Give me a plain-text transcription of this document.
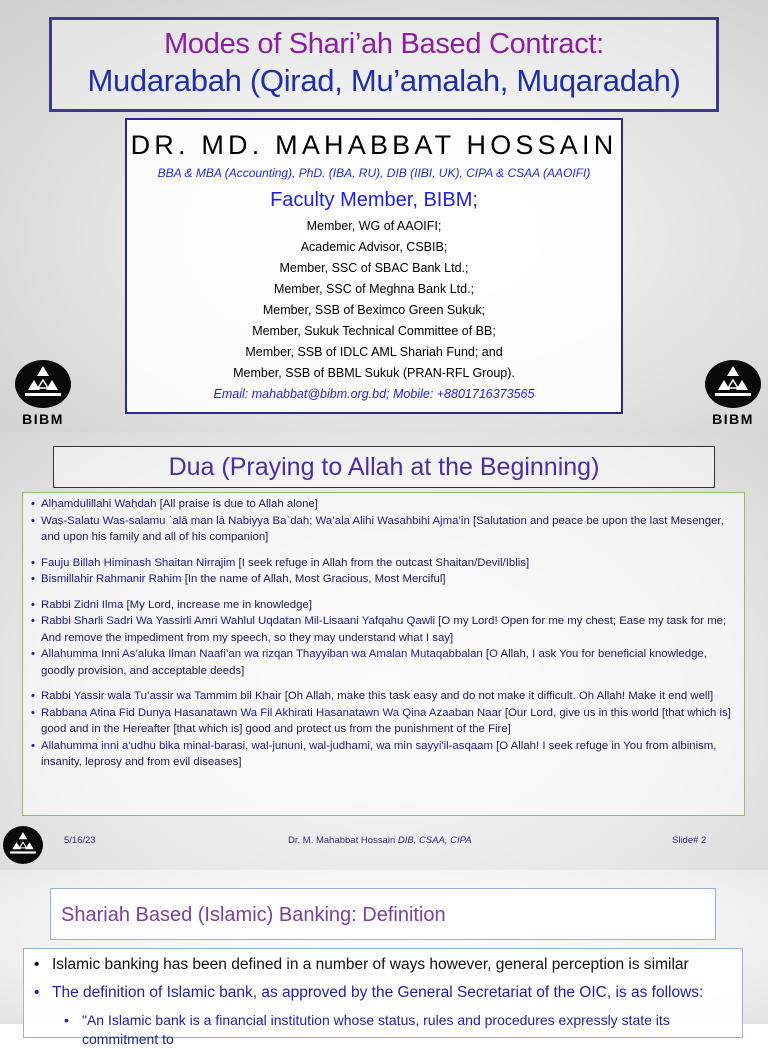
Modes of Shari’ah Based Contract:
Mudarabah (Qirad, Mu’amalah, Muqaradah)
DR. MD. MAHABBAT HOSSAIN
BBA & MBA (Accounting), PhD. (IBA, RU), DIB (IIBI, UK), CIPA & CSAA (AAOIFI)
Faculty Member, BIBM;
Member, WG of AAOIFI;
Academic Advisor, CSBIB;
Member, SSC of SBAC Bank Ltd.;
Member, SSC of Meghna Bank Ltd.;
Member, SSB of Beximco Green Sukuk;
Member, Sukuk Technical Committee of BB;
Member, SSB of IDLC AML Shariah Fund; and
Member, SSB of BBML Sukuk (PRAN-RFL Group).
Email: mahabbat@bibm.org.bd; Mobile: +8801716373565
BIBM	BIBM
Dua (Praying to Allah at the Beginning)
• Alḥamdulillahi Waḥdah [All praise is due to Allah alone]
• Waṣ-Salatu Was-salamu `alā man lā Nabiyya Ba`dah; Wa’ala Alihi Wasahbihi Ajma’in [Salutation and peace be upon the last Mesenger, and upon his family and all of his companion]
• Fauju Billah Himinash Shaitan Nirrajim [I seek refuge in Allah from the outcast Shaitan/Devil/Iblis]
• Bismillahir Rahmanir Rahim [In the name of Allah, Most Gracious, Most Merciful]
• Rabbi Zidni Ilma [My Lord, increase me in knowledge]
• Rabbi Sharli Sadri Wa Yassirli Amri Wahlul Uqdatan Mil-Lisaani Yafqahu Qawli [O my Lord! Open for me my chest; Ease my task for me; And remove the impediment from my speech, so they may understand what I say]
• Allahumma Inni As’aluka Ilman Naafi’an wa rizqan Thayyiban wa Amalan Mutaqabbalan [O Allah, I ask You for beneficial knowledge, goodly provision, and acceptable deeds]
• Rabbi Yassir wala Tu’assir wa Tammim bil Khair [Oh Allah, make this task easy and do not make it difficult. Oh Allah! Make it end well]
• Rabbana Atina Fid Dunya Hasanatawn Wa Fil Akhirati Hasanatawn Wa Qina Azaaban Naar [Our Lord, give us in this world [that which is] good and in the Hereafter [that which is] good and protect us from the punishment of the Fire]
• Allahumma inni a'udhu bika minal-barasi, wal-jununi, wal-judhami, wa min sayyi'il-asqaam [O Allah! I seek refuge in You from albinism, insanity, leprosy and from evil diseases]
5/16/23	Dr. M. Mahabbat Hossain DIB, CSAA, CIPA	Slide# 2
Shariah Based (Islamic) Banking: Definition
• Islamic banking has been defined in a number of ways however, general perception is similar
• The definition of Islamic bank, as approved by the General Secretariat of the OIC, is as follows:
• "An Islamic bank is a financial institution whose status, rules and procedures expressly state its commitment to
